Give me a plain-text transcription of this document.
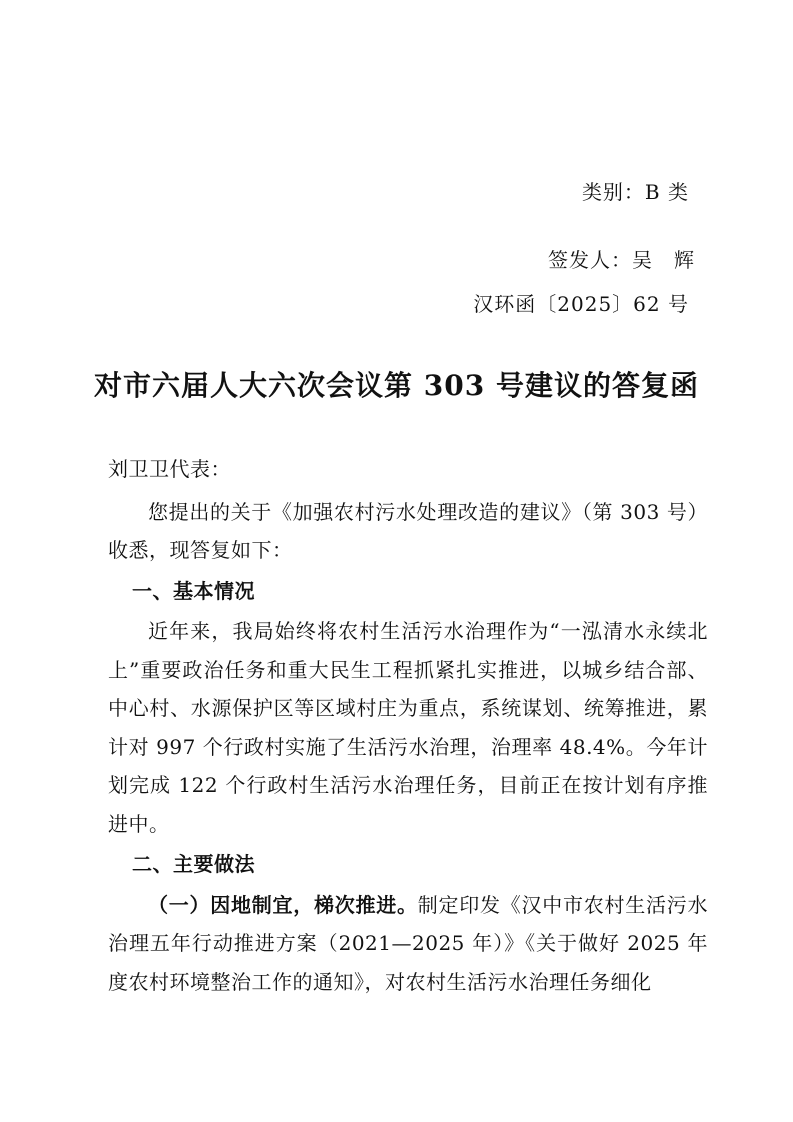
类别：B 类
签发人：吴　辉
汉环函〔2025〕62 号
对市六届人大六次会议第 303 号建议的答复函

刘卫卫代表：

您提出的关于《加强农村污水处理改造的建议》（第 303 号）收悉，现答复如下：

一、基本情况

近年来，我局始终将农村生活污水治理作为“一泓清水永续北上”重要政治任务和重大民生工程抓紧扎实推进，以城乡结合部、中心村、水源保护区等区域村庄为重点，系统谋划、统筹推进，累计对 997 个行政村实施了生活污水治理，治理率 48.4%。今年计划完成 122 个行政村生活污水治理任务，目前正在按计划有序推进中。

二、主要做法

（一）因地制宜，梯次推进。制定印发《汉中市农村生活污水治理五年行动推进方案（2021—2025 年）》《关于做好 2025 年度农村环境整治工作的通知》，对农村生活污水治理任务细化
